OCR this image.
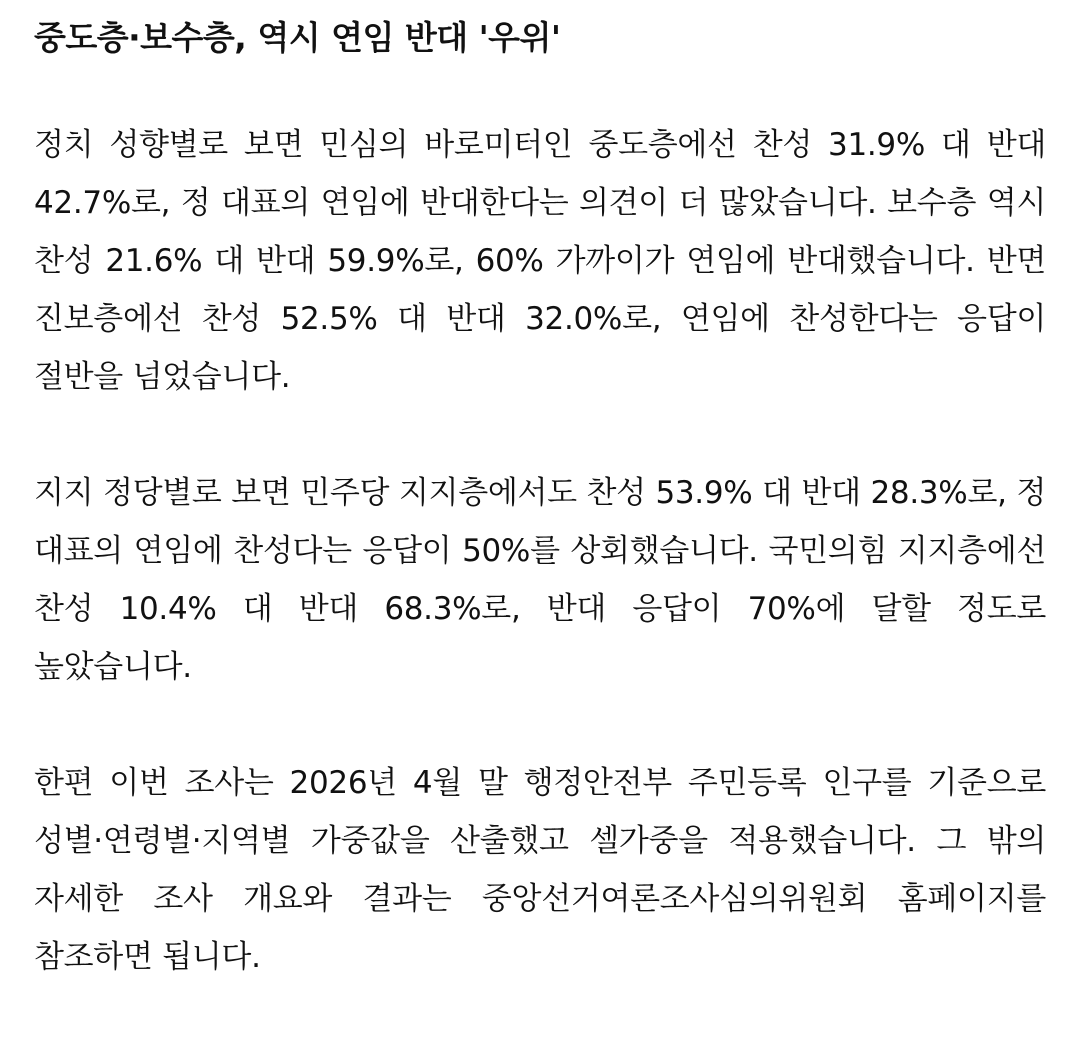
중도층·보수층, 역시 연임 반대 '우위'

정치 성향별로 보면 민심의 바로미터인 중도층에선 찬성 31.9% 대 반대 42.7%로, 정 대표의 연임에 반대한다는 의견이 더 많았습니다. 보수층 역시 찬성 21.6% 대 반대 59.9%로, 60% 가까이가 연임에 반대했습니다. 반면 진보층에선 찬성 52.5% 대 반대 32.0%로, 연임에 찬성한다는 응답이 절반을 넘었습니다.

지지 정당별로 보면 민주당 지지층에서도 찬성 53.9% 대 반대 28.3%로, 정 대표의 연임에 찬성다는 응답이 50%를 상회했습니다. 국민의힘 지지층에선 찬성 10.4% 대 반대 68.3%로, 반대 응답이 70%에 달할 정도로 높았습니다.

한편 이번 조사는 2026년 4월 말 행정안전부 주민등록 인구를 기준으로 성별·연령별·지역별 가중값을 산출했고 셀가중을 적용했습니다. 그 밖의 자세한 조사 개요와 결과는 중앙선거여론조사심의위원회 홈페이지를 참조하면 됩니다.
